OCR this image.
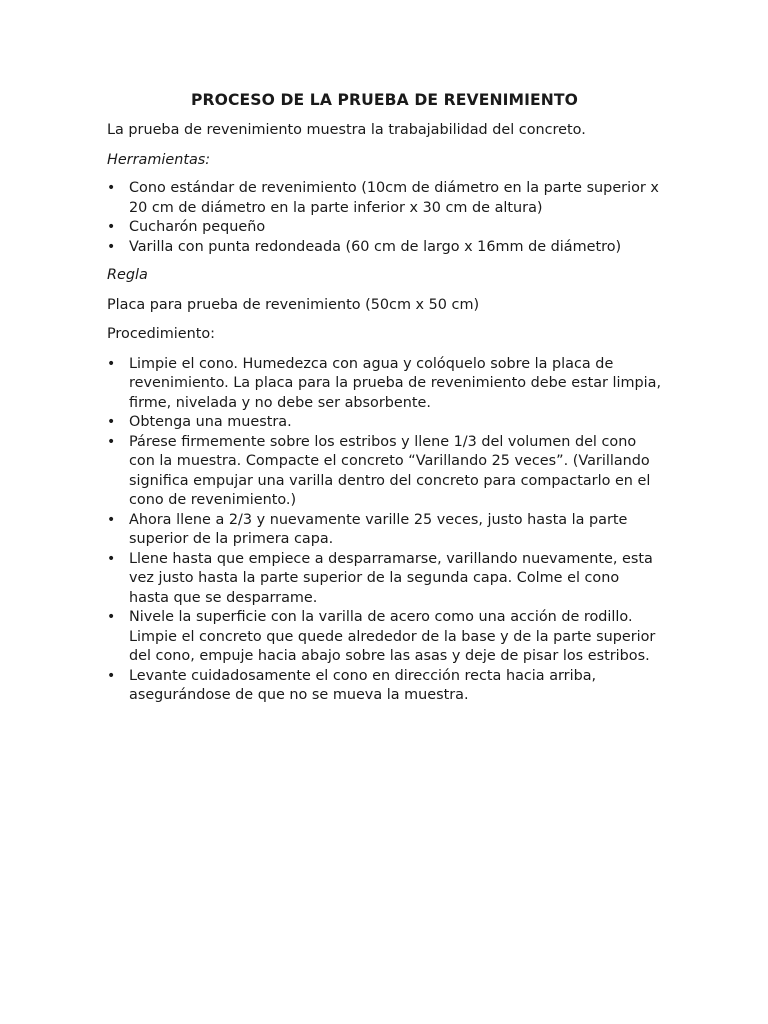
PROCESO DE LA PRUEBA DE REVENIMIENTO

La prueba de revenimiento muestra la trabajabilidad del concreto.

Herramientas:

• Cono estándar de revenimiento (10cm de diámetro en la parte superior x 20 cm de diámetro en la parte inferior x 30 cm de altura)
• Cucharón pequeño
• Varilla con punta redondeada (60 cm de largo x 16mm de diámetro)

Regla

Placa para prueba de revenimiento (50cm x 50 cm)

Procedimiento:

• Limpie el cono. Humedezca con agua y colóquelo sobre la placa de revenimiento. La placa para la prueba de revenimiento debe estar limpia, firme, nivelada y no debe ser absorbente.
• Obtenga una muestra.
• Párese firmemente sobre los estribos y llene 1/3 del volumen del cono con la muestra. Compacte el concreto “Varillando 25 veces”. (Varillando significa empujar una varilla dentro del concreto para compactarlo en el cono de revenimiento.)
• Ahora llene a 2/3 y nuevamente varille 25 veces, justo hasta la parte superior de la primera capa.
• Llene hasta que empiece a desparramarse, varillando nuevamente, esta vez justo hasta la parte superior de la segunda capa. Colme el cono hasta que se desparrame.
• Nivele la superficie con la varilla de acero como una acción de rodillo. Limpie el concreto que quede alrededor de la base y de la parte superior del cono, empuje hacia abajo sobre las asas y deje de pisar los estribos.
• Levante cuidadosamente el cono en dirección recta hacia arriba, asegurándose de que no se mueva la muestra.
